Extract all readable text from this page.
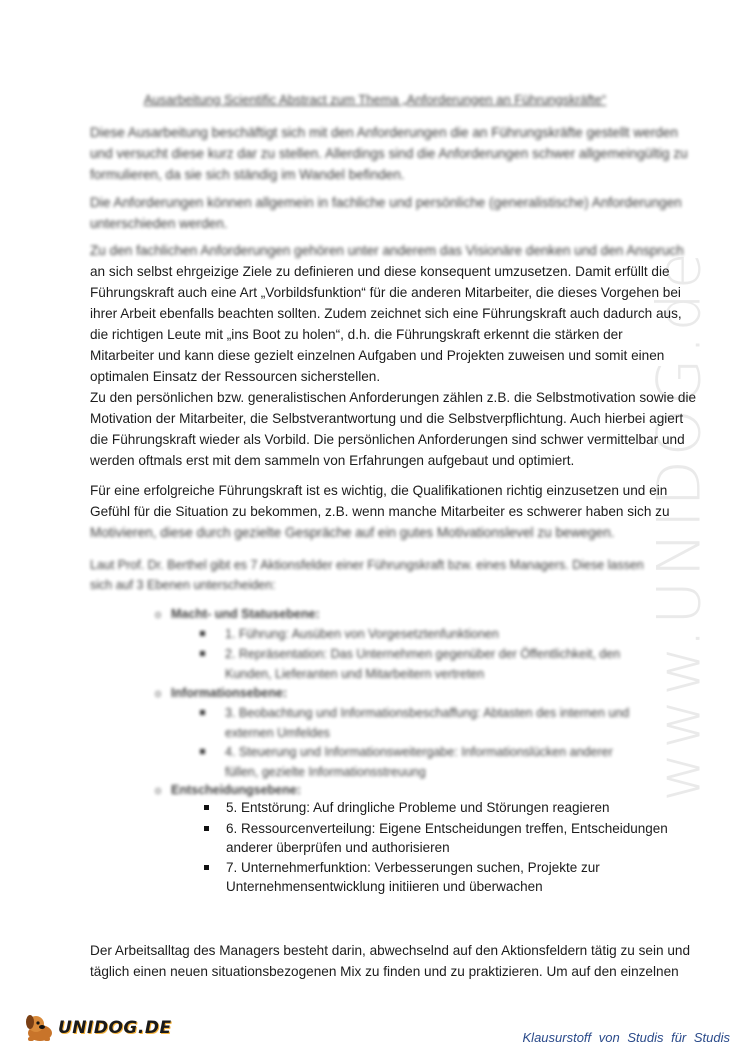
www.UNIDOG.de
Ausarbeitung Scientific Abstract zum Thema „Anforderungen an Führungskräfte“

Diese Ausarbeitung beschäftigt sich mit den Anforderungen die an Führungskräfte gestellt werden
und versucht diese kurz dar zu stellen. Allerdings sind die Anforderungen schwer allgemeingültig zu
formulieren, da sie sich ständig im Wandel befinden.

Die Anforderungen können allgemein in fachliche und persönliche (generalistische) Anforderungen
unterschieden werden.

Zu den fachlichen Anforderungen gehören unter anderem das Visionäre denken und den Anspruch

an sich selbst ehrgeizige Ziele zu definieren und diese konsequent umzusetzen. Damit erfüllt die
Führungskraft auch eine Art „Vorbildsfunktion“ für die anderen Mitarbeiter, die dieses Vorgehen bei
ihrer Arbeit ebenfalls beachten sollten. Zudem zeichnet sich eine Führungskraft auch dadurch aus,
die richtigen Leute mit „ins Boot zu holen“, d.h. die Führungskraft erkennt die stärken der
Mitarbeiter und kann diese gezielt einzelnen Aufgaben und Projekten zuweisen und somit einen
optimalen Einsatz der Ressourcen sicherstellen.

Zu den persönlichen bzw. generalistischen Anforderungen zählen z.B. die Selbstmotivation sowie die
Motivation der Mitarbeiter, die Selbstverantwortung und die Selbstverpflichtung. Auch hierbei agiert
die Führungskraft wieder als Vorbild. Die persönlichen Anforderungen sind schwer vermittelbar und
werden oftmals erst mit dem sammeln von Erfahrungen aufgebaut und optimiert.

Für eine erfolgreiche Führungskraft ist es wichtig, die Qualifikationen richtig einzusetzen und ein
Gefühl für die Situation zu bekommen, z.B. wenn manche Mitarbeiter es schwerer haben sich zu

Motivieren, diese durch gezielte Gespräche auf ein gutes Motivationslevel zu bewegen.

Laut Prof. Dr. Berthel gibt es 7 Aktionsfelder einer Führungskraft bzw. eines Managers. Diese lassen
sich auf 3 Ebenen unterscheiden:

o Macht- und Statusebene:

1. Führung: Ausüben von Vorgesetztenfunktionen
2. Repräsentation: Das Unternehmen gegenüber der Öffentlichkeit, den
Kunden, Lieferanten und Mitarbeitern vertreten

o Informationsebene:

3. Beobachtung und Informationsbeschaffung: Abtasten des internen und
externen Umfeldes
4. Steuerung und Informationsweitergabe: Informationslücken anderer
füllen, gezielte Informationsstreuung

o Entscheidungsebene:

5. Entstörung: Auf dringliche Probleme und Störungen reagieren
6. Ressourcenverteilung: Eigene Entscheidungen treffen, Entscheidungen
anderer überprüfen und authorisieren
7. Unternehmerfunktion: Verbesserungen suchen, Projekte zur
Unternehmensentwicklung initiieren und überwachen

Der Arbeitsalltag des Managers besteht darin, abwechselnd auf den Aktionsfeldern tätig zu sein und
täglich einen neuen situationsbezogenen Mix zu finden und zu praktizieren. Um auf den einzelnen

UNIDOG.DE	Klausurstoff von Studis für Studis
